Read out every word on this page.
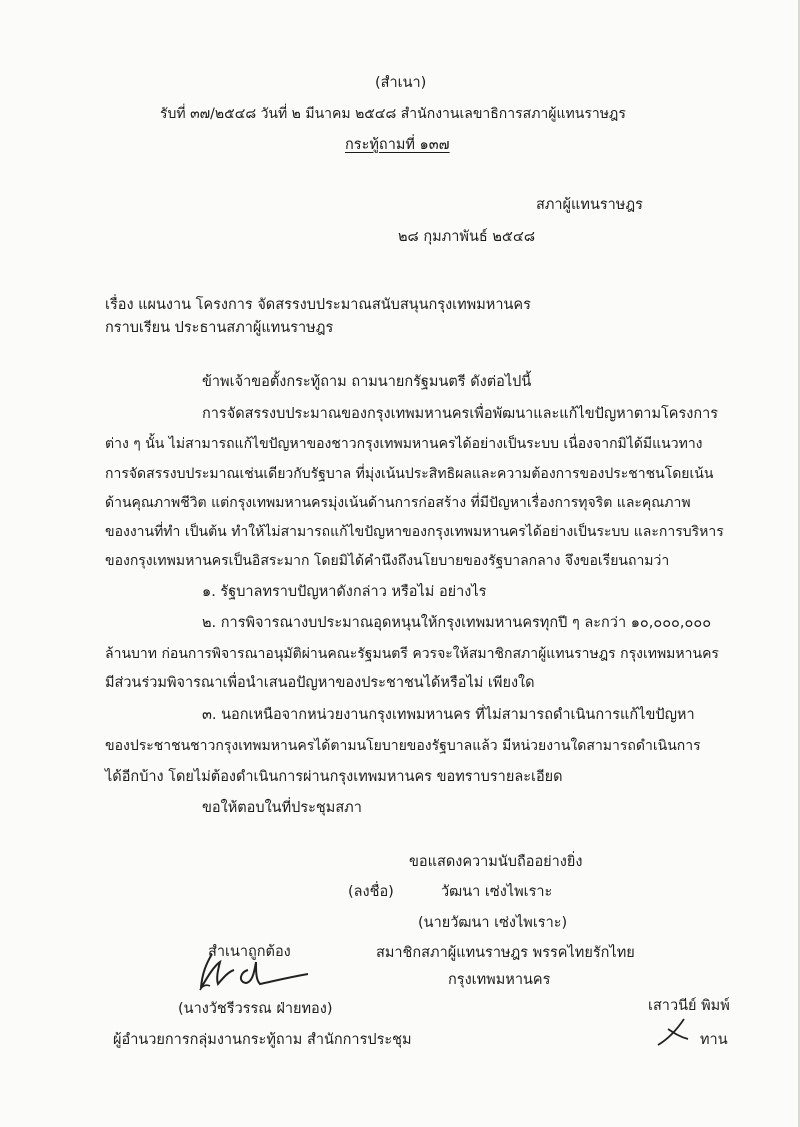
(สำเนา)
รับที่ ๓๗/๒๕๔๘ วันที่ ๒ มีนาคม ๒๕๔๘ สำนักงานเลขาธิการสภาผู้แทนราษฎร
กระทู้ถามที่ ๑๓๗
สภาผู้แทนราษฎร
๒๘ กุมภาพันธ์ ๒๕๔๘
เรื่อง แผนงาน โครงการ จัดสรรงบประมาณสนับสนุนกรุงเทพมหานคร
กราบเรียน ประธานสภาผู้แทนราษฎร
ข้าพเจ้าขอตั้งกระทู้ถาม ถามนายกรัฐมนตรี ดังต่อไปนี้
การจัดสรรงบประมาณของกรุงเทพมหานครเพื่อพัฒนาและแก้ไขปัญหาตามโครงการ
ต่าง ๆ นั้น ไม่สามารถแก้ไขปัญหาของชาวกรุงเทพมหานครได้อย่างเป็นระบบ เนื่องจากมิได้มีแนวทาง
การจัดสรรงบประมาณเช่นเดียวกับรัฐบาล ที่มุ่งเน้นประสิทธิผลและความต้องการของประชาชนโดยเน้น
ด้านคุณภาพชีวิต แต่กรุงเทพมหานครมุ่งเน้นด้านการก่อสร้าง ที่มีปัญหาเรื่องการทุจริต และคุณภาพ
ของงานที่ทำ เป็นต้น ทำให้ไม่สามารถแก้ไขปัญหาของกรุงเทพมหานครได้อย่างเป็นระบบ และการบริหาร
ของกรุงเทพมหานครเป็นอิสระมาก โดยมิได้คำนึงถึงนโยบายของรัฐบาลกลาง จึงขอเรียนถามว่า
๑. รัฐบาลทราบปัญหาดังกล่าว หรือไม่ อย่างไร
๒. การพิจารณางบประมาณอุดหนุนให้กรุงเทพมหานครทุกปี ๆ ละกว่า ๑๐,๐๐๐,๐๐๐
ล้านบาท ก่อนการพิจารณาอนุมัติผ่านคณะรัฐมนตรี ควรจะให้สมาชิกสภาผู้แทนราษฎร กรุงเทพมหานคร
มีส่วนร่วมพิจารณาเพื่อนำเสนอปัญหาของประชาชนได้หรือไม่ เพียงใด
๓. นอกเหนือจากหน่วยงานกรุงเทพมหานคร ที่ไม่สามารถดำเนินการแก้ไขปัญหา
ของประชาชนชาวกรุงเทพมหานครได้ตามนโยบายของรัฐบาลแล้ว มีหน่วยงานใดสามารถดำเนินการ
ได้อีกบ้าง โดยไม่ต้องดำเนินการผ่านกรุงเทพมหานคร ขอทราบรายละเอียด
ขอให้ตอบในที่ประชุมสภา
ขอแสดงความนับถืออย่างยิ่ง
(ลงชื่อ)	วัฒนา เซ่งไพเราะ
(นายวัฒนา เซ่งไพเราะ)
สมาชิกสภาผู้แทนราษฎร พรรคไทยรักไทย
กรุงเทพมหานคร
สำเนาถูกต้อง
(นางวัชรีวรรณ ฝ่ายทอง)
ผู้อำนวยการกลุ่มงานกระทู้ถาม สำนักการประชุม
เสาวนีย์ พิมพ์
ทาน
